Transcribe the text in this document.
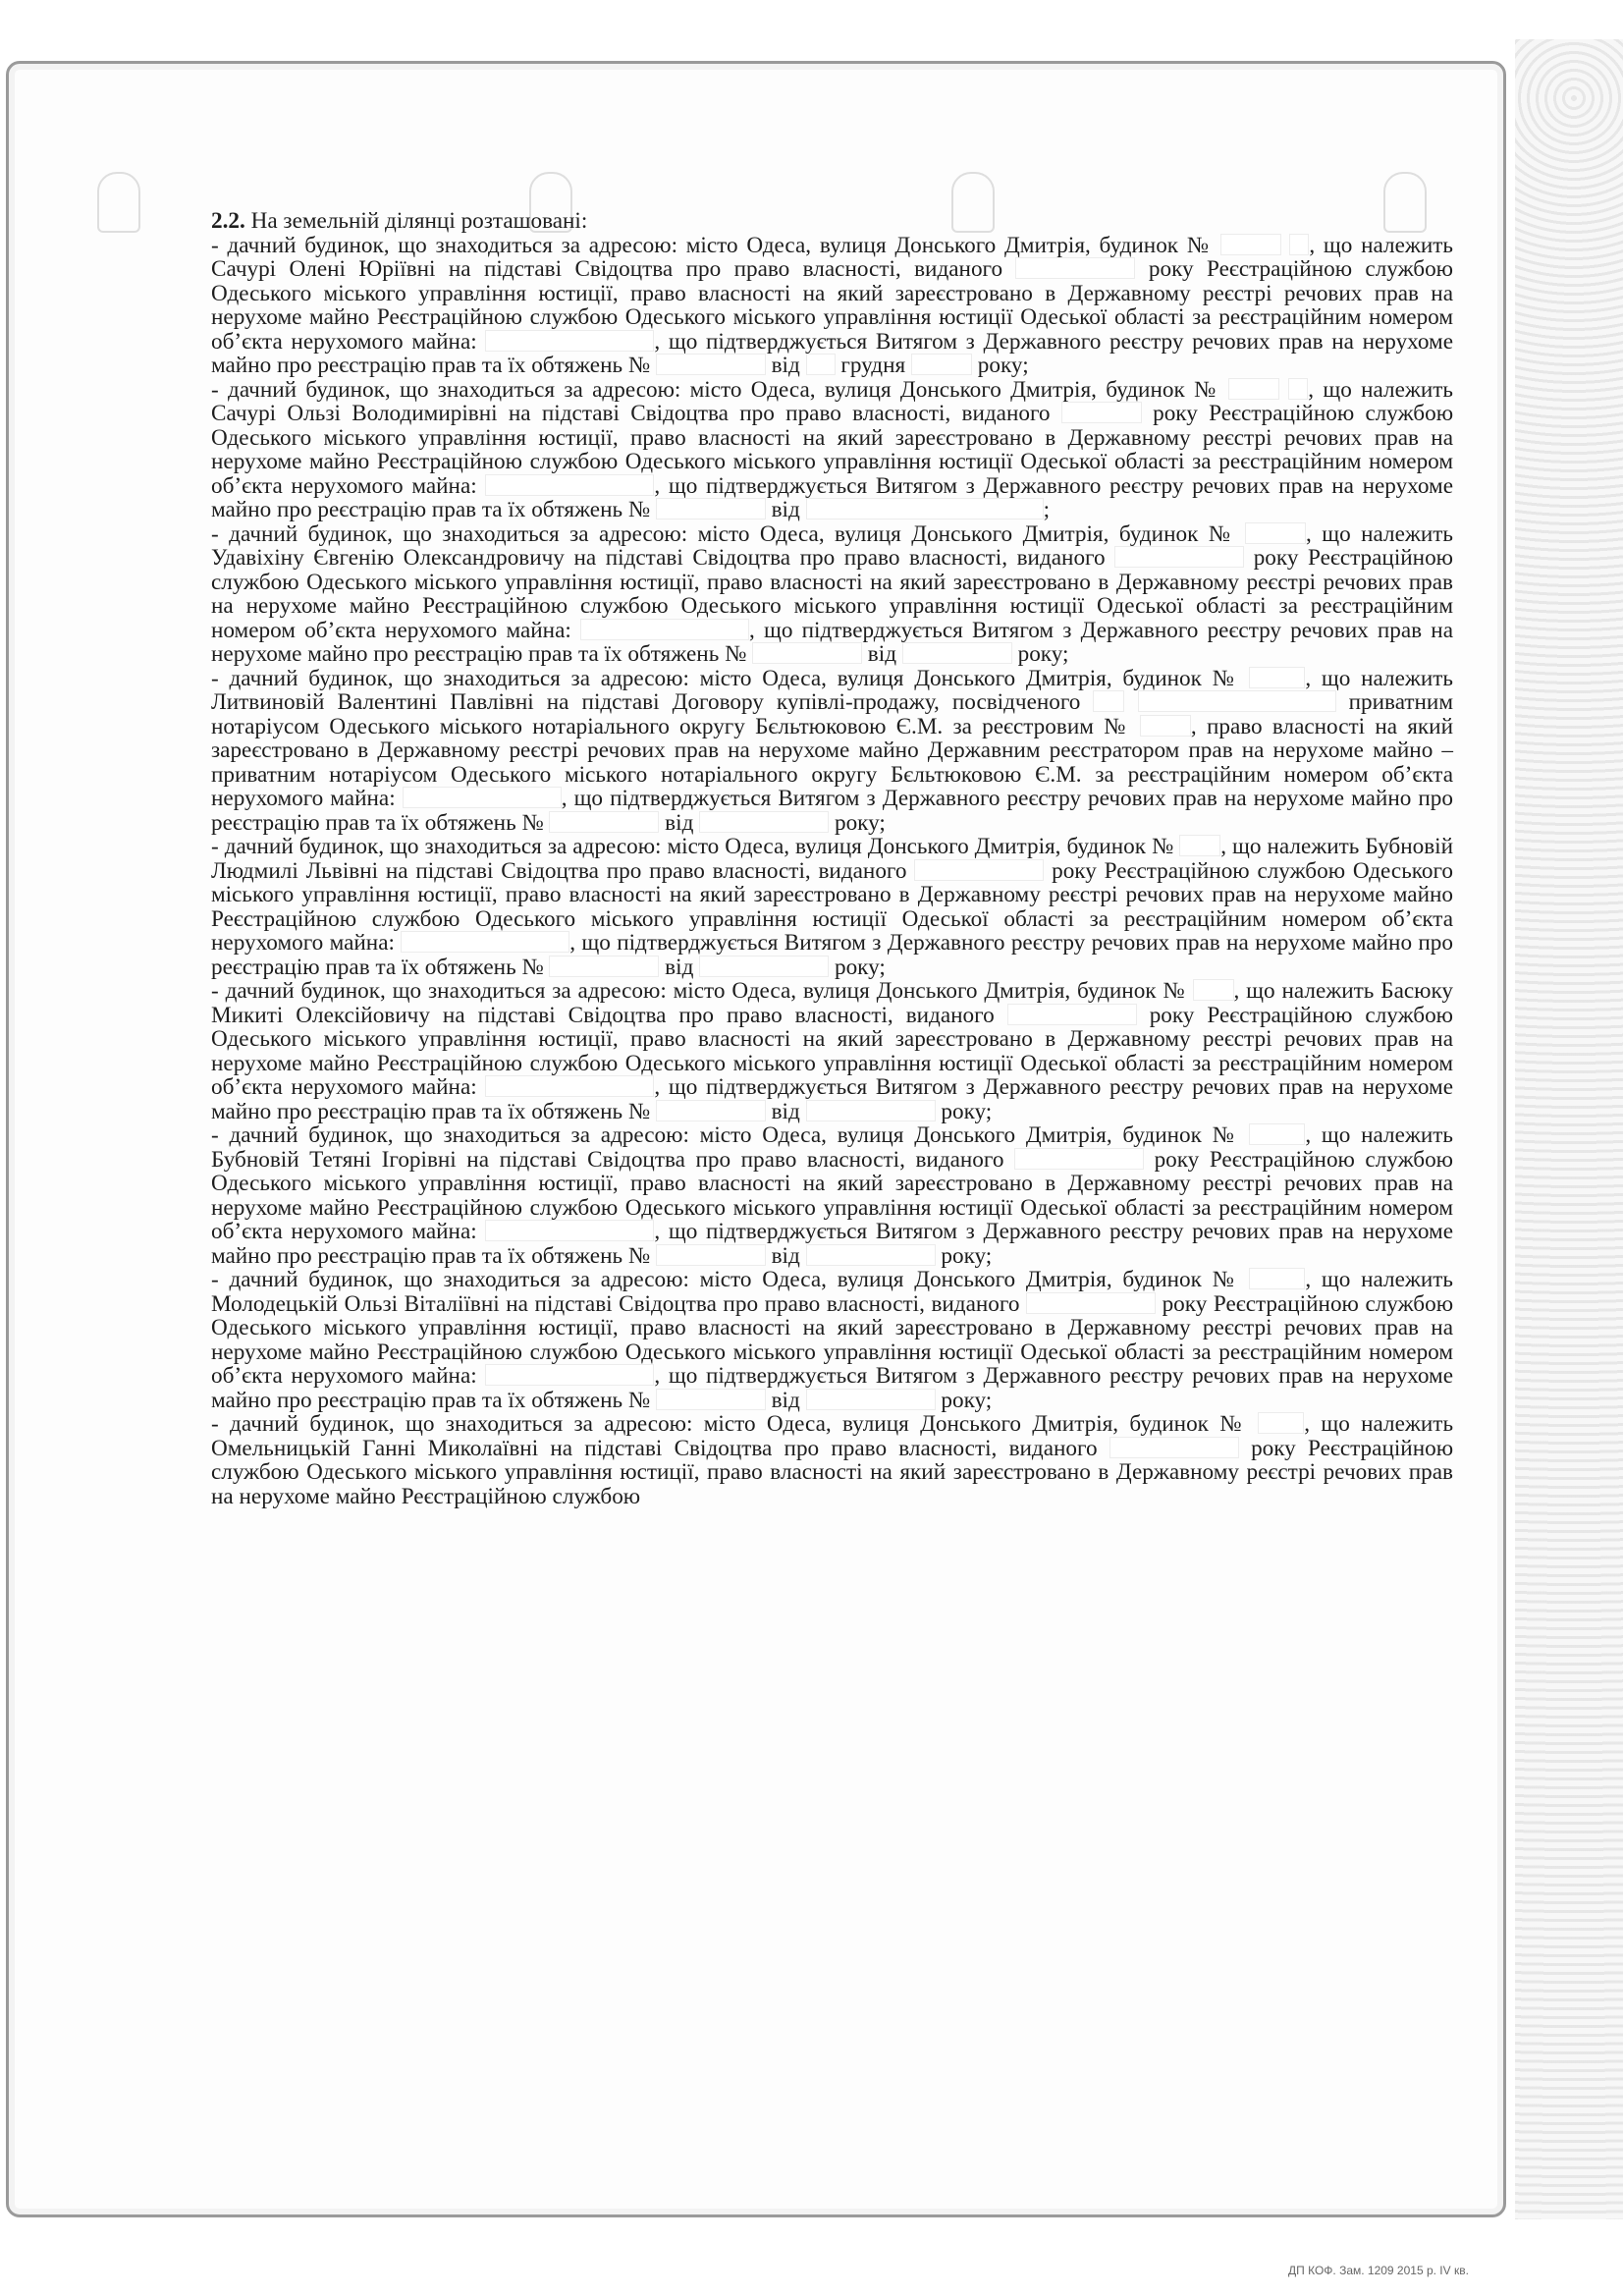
2.2. На земельній ділянці розташовані:

- дачний будинок, що знаходиться за адресою: місто Одеса, вулиця Донського Дмитрія, будинок №	, що належить Сачурі Олені Юріївні на підставі Свідоцтва про право власності, виданого	року Реєстраційною службою Одеського міського управління юстиції, право власності на який зареєстровано в Державному реєстрі речових прав на нерухоме майно Реєстраційною службою Одеського міського управління юстиції Одеської області за реєстраційним номером об’єкта нерухомого майна:	, що підтверджується Витягом з Державного реєстру речових прав на нерухоме майно про реєстрацію прав та їх обтяжень №	від грудня	року;

- дачний будинок, що знаходиться за адресою: місто Одеса, вулиця Донського Дмитрія, будинок №	, що належить Сачурі Ользі Володимирівні на підставі Свідоцтва про право власності, виданого	року Реєстраційною службою Одеського міського управління юстиції, право власності на який зареєстровано в Державному реєстрі речових прав на нерухоме майно Реєстраційною службою Одеського міського управління юстиції Одеської області за реєстраційним номером об’єкта нерухомого майна:	, що підтверджується Витягом з Державного реєстру речових прав на нерухоме майно про реєстрацію прав та їх обтяжень №	від	;

- дачний будинок, що знаходиться за адресою: місто Одеса, вулиця Донського Дмитрія, будинок №	, що належить Удавіхіну Євгенію Олександровичу на підставі Свідоцтва про право власності, виданого	року Реєстраційною службою Одеського міського управління юстиції, право власності на який зареєстровано в Державному реєстрі речових прав на нерухоме майно Реєстраційною службою Одеського міського управління юстиції Одеської області за реєстраційним номером об’єкта нерухомого майна:	, що підтверджується Витягом з Державного реєстру речових прав на нерухоме майно про реєстрацію прав та їх обтяжень №	від	року;

- дачний будинок, що знаходиться за адресою: місто Одеса, вулиця Донського Дмитрія, будинок №	, що належить Литвиновій Валентині Павлівні на підставі Договору купівлі-продажу, посвідченого	приватним нотаріусом Одеського міського нотаріального округу Бєльтюковою Є.М. за реєстровим №	, право власності на який зареєстровано в Державному реєстрі речових прав на нерухоме майно Державним реєстратором прав на нерухоме майно – приватним нотаріусом Одеського міського нотаріального округу Бєльтюковою Є.М. за реєстраційним номером об’єкта нерухомого майна:	, що підтверджується Витягом з Державного реєстру речових прав на нерухоме майно про реєстрацію прав та їх обтяжень №	від	року;

- дачний будинок, що знаходиться за адресою: місто Одеса, вулиця Донського Дмитрія, будинок № , що належить Бубновій Людмилі Львівні на підставі Свідоцтва про право власності, виданого	року Реєстраційною службою Одеського міського управління юстиції, право власності на який зареєстровано в Державному реєстрі речових прав на нерухоме майно Реєстраційною службою Одеського міського управління юстиції Одеської області за реєстраційним номером об’єкта нерухомого майна:	, що підтверджується Витягом з Державного реєстру речових прав на нерухоме майно про реєстрацію прав та їх обтяжень №	від	року;

- дачний будинок, що знаходиться за адресою: місто Одеса, вулиця Донського Дмитрія, будинок № , що належить Басюку Микиті Олексійовичу на підставі Свідоцтва про право власності, виданого	року Реєстраційною службою Одеського міського управління юстиції, право власності на який зареєстровано в Державному реєстрі речових прав на нерухоме майно Реєстраційною службою Одеського міського управління юстиції Одеської області за реєстраційним номером об’єкта нерухомого майна:	, що підтверджується Витягом з Державного реєстру речових прав на нерухоме майно про реєстрацію прав та їх обтяжень №	від	року;

- дачний будинок, що знаходиться за адресою: місто Одеса, вулиця Донського Дмитрія, будинок №	, що належить Бубновій Тетяні Ігорівні на підставі Свідоцтва про право власності, виданого	року Реєстраційною службою Одеського міського управління юстиції, право власності на який зареєстровано в Державному реєстрі речових прав на нерухоме майно Реєстраційною службою Одеського міського управління юстиції Одеської області за реєстраційним номером об’єкта нерухомого майна:	, що підтверджується Витягом з Державного реєстру речових прав на нерухоме майно про реєстрацію прав та їх обтяжень №	від	року;

- дачний будинок, що знаходиться за адресою: місто Одеса, вулиця Донського Дмитрія, будинок №	, що належить Молодецькій Ользі Віталіївні на підставі Свідоцтва про право власності, виданого	року Реєстраційною службою Одеського міського управління юстиції, право власності на який зареєстровано в Державному реєстрі речових прав на нерухоме майно Реєстраційною службою Одеського міського управління юстиції Одеської області за реєстраційним номером об’єкта нерухомого майна:	, що підтверджується Витягом з Державного реєстру речових прав на нерухоме майно про реєстрацію прав та їх обтяжень №	від	року;

- дачний будинок, що знаходиться за адресою: місто Одеса, вулиця Донського Дмитрія, будинок №	, що належить Омельницькій Ганні Миколаївні на підставі Свідоцтва про право власності, виданого	року Реєстраційною службою Одеського міського управління юстиції, право власності на який зареєстровано в Державному реєстрі речових прав на нерухоме майно Реєстраційною службою

ДП КОФ. Зам. 1209 2015 р. IV кв.
